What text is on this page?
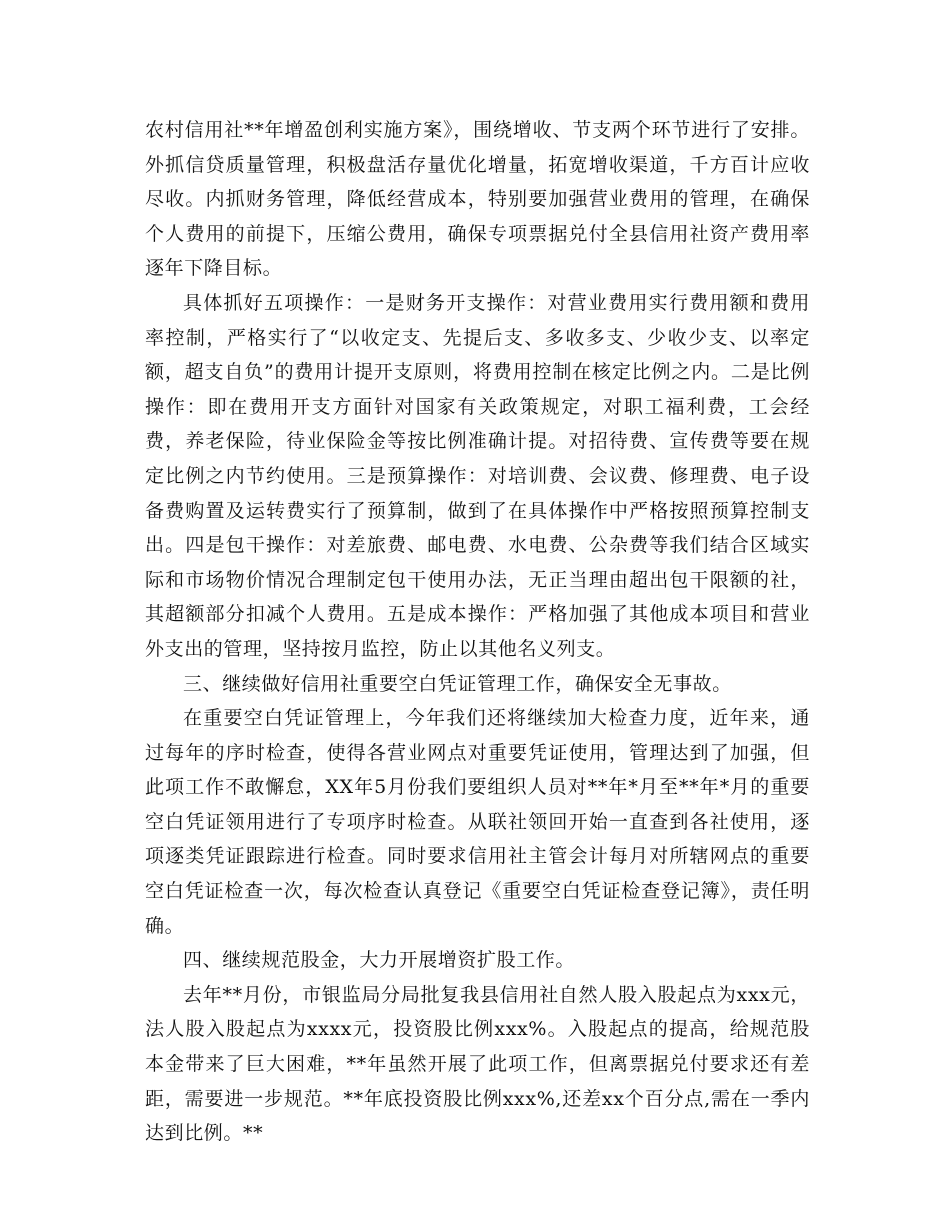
农村信用社**年增盈创利实施方案》，围绕增收、节支两个环节进行了安排。外抓信贷质量管理，积极盘活存量优化增量，拓宽增收渠道，千方百计应收尽收。内抓财务管理，降低经营成本，特别要加强营业费用的管理，在确保个人费用的前提下，压缩公费用，确保专项票据兑付全县信用社资产费用率逐年下降目标。

具体抓好五项操作：一是财务开支操作：对营业费用实行费用额和费用率控制，严格实行了“以收定支、先提后支、多收多支、少收少支、以率定额，超支自负”的费用计提开支原则，将费用控制在核定比例之内。二是比例操作：即在费用开支方面针对国家有关政策规定，对职工福利费，工会经费，养老保险，待业保险金等按比例准确计提。对招待费、宣传费等要在规定比例之内节约使用。三是预算操作：对培训费、会议费、修理费、电子设备费购置及运转费实行了预算制，做到了在具体操作中严格按照预算控制支出。四是包干操作：对差旅费、邮电费、水电费、公杂费等我们结合区域实际和市场物价情况合理制定包干使用办法，无正当理由超出包干限额的社，其超额部分扣减个人费用。五是成本操作：严格加强了其他成本项目和营业外支出的管理，坚持按月监控，防止以其他名义列支。

三、继续做好信用社重要空白凭证管理工作，确保安全无事故。

在重要空白凭证管理上，今年我们还将继续加大检查力度，近年来，通过每年的序时检查，使得各营业网点对重要凭证使用，管理达到了加强，但此项工作不敢懈怠，XX年5月份我们要组织人员对**年*月至**年*月的重要空白凭证领用进行了专项序时检查。从联社领回开始一直查到各社使用，逐项逐类凭证跟踪进行检查。同时要求信用社主管会计每月对所辖网点的重要空白凭证检查一次，每次检查认真登记《重要空白凭证检查登记簿》，责任明确。

四、继续规范股金，大力开展增资扩股工作。

去年**月份，市银监局分局批复我县信用社自然人股入股起点为xxx元，法人股入股起点为xxxx元，投资股比例xxx%。入股起点的提高，给规范股本金带来了巨大困难，**年虽然开展了此项工作，但离票据兑付要求还有差距，需要进一步规范。**年底投资股比例xxx%,还差xx个百分点,需在一季内达到比例。**
